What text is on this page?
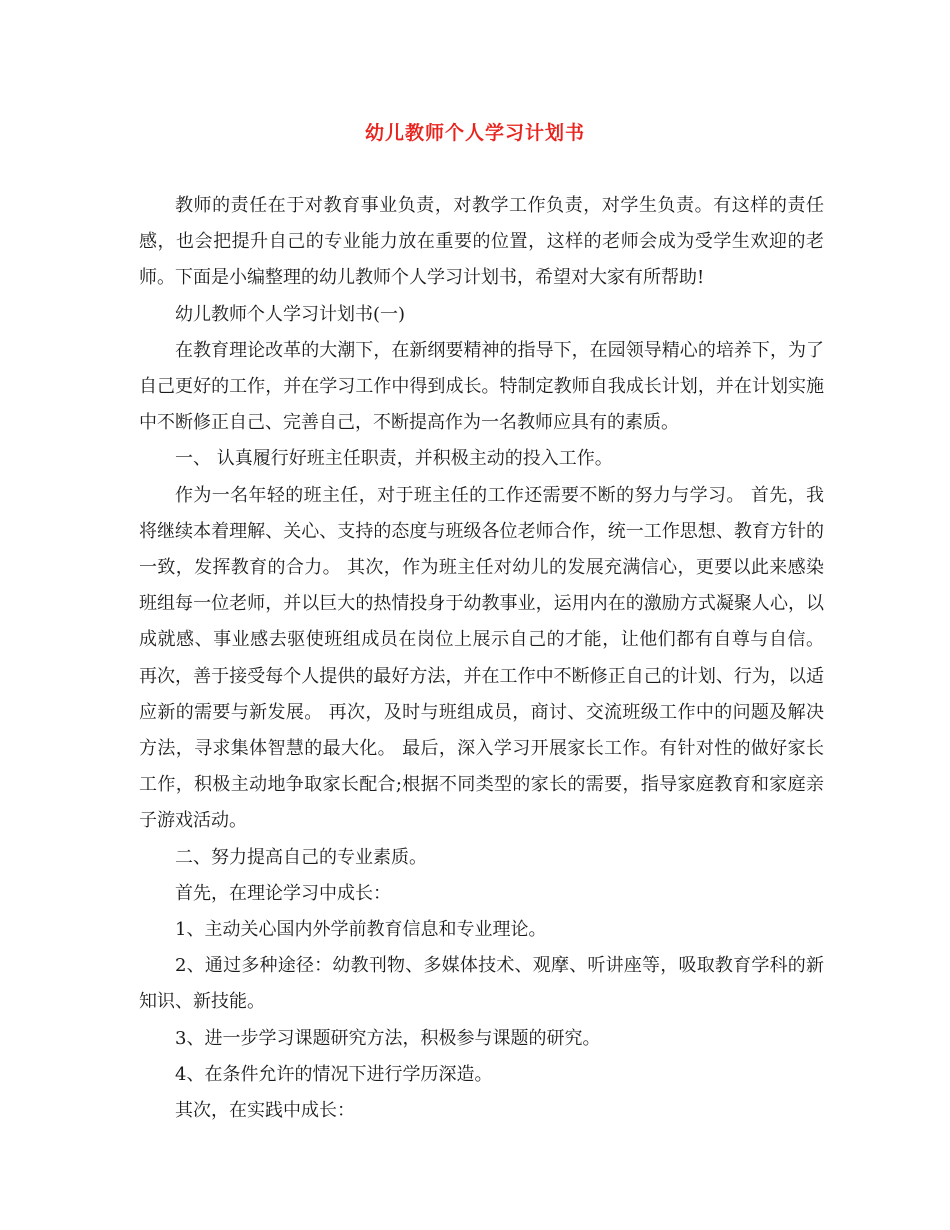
幼儿教师个人学习计划书

教师的责任在于对教育事业负责，对教学工作负责，对学生负责。有这样的责任感，也会把提升自己的专业能力放在重要的位置，这样的老师会成为受学生欢迎的老师。下面是小编整理的幼儿教师个人学习计划书，希望对大家有所帮助!

幼儿教师个人学习计划书(一)

在教育理论改革的大潮下，在新纲要精神的指导下，在园领导精心的培养下，为了自己更好的工作，并在学习工作中得到成长。特制定教师自我成长计划，并在计划实施中不断修正自己、完善自己，不断提高作为一名教师应具有的素质。

一、 认真履行好班主任职责，并积极主动的投入工作。

作为一名年轻的班主任，对于班主任的工作还需要不断的努力与学习。 首先，我将继续本着理解、关心、支持的态度与班级各位老师合作，统一工作思想、教育方针的一致，发挥教育的合力。 其次，作为班主任对幼儿的发展充满信心，更要以此来感染班组每一位老师，并以巨大的热情投身于幼教事业，运用内在的激励方式凝聚人心，以成就感、事业感去驱使班组成员在岗位上展示自己的才能，让他们都有自尊与自信。 再次，善于接受每个人提供的最好方法，并在工作中不断修正自己的计划、行为，以适应新的需要与新发展。 再次，及时与班组成员，商讨、交流班级工作中的问题及解决方法，寻求集体智慧的最大化。 最后，深入学习开展家长工作。有针对性的做好家长工作，积极主动地争取家长配合;根据不同类型的家长的需要，指导家庭教育和家庭亲子游戏活动。

二、努力提高自己的专业素质。

首先，在理论学习中成长：

1、主动关心国内外学前教育信息和专业理论。

2、通过多种途径：幼教刊物、多媒体技术、观摩、听讲座等，吸取教育学科的新知识、新技能。

3、进一步学习课题研究方法，积极参与课题的研究。

4、在条件允许的情况下进行学历深造。

其次，在实践中成长：
